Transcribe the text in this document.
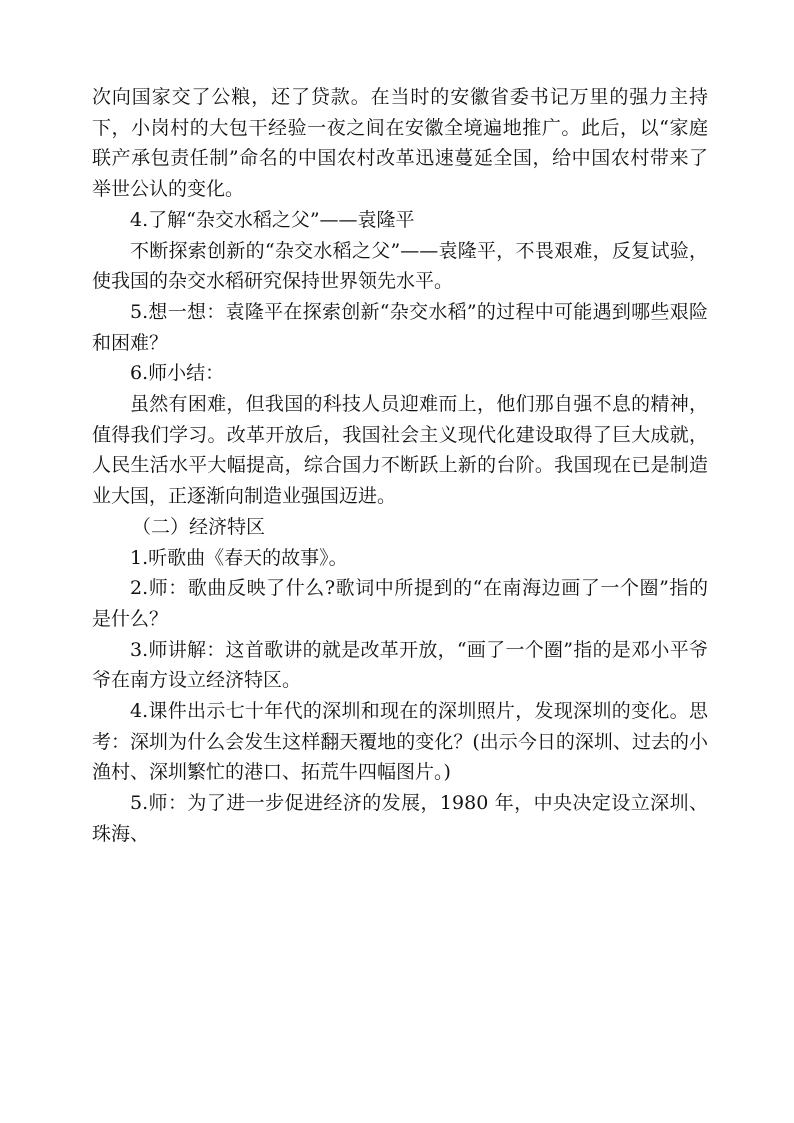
次向国家交了公粮，还了贷款。在当时的安徽省委书记万里的强力主持下，小岗村的大包干经验一夜之间在安徽全境遍地推广。此后，以“家庭联产承包责任制”命名的中国农村改革迅速蔓延全国，给中国农村带来了举世公认的变化。

4.了解“杂交水稻之父”——袁隆平

不断探索创新的“杂交水稻之父”——袁隆平，不畏艰难，反复试验，使我国的杂交水稻研究保持世界领先水平。

5.想一想：袁隆平在探索创新“杂交水稻”的过程中可能遇到哪些艰险和困难？

6.师小结：

虽然有困难，但我国的科技人员迎难而上，他们那自强不息的精神，值得我们学习。改革开放后，我国社会主义现代化建设取得了巨大成就，人民生活水平大幅提高，综合国力不断跃上新的台阶。我国现在已是制造业大国，正逐渐向制造业强国迈进。

（二）经济特区

1.听歌曲《春天的故事》。

2.师：歌曲反映了什么?歌词中所提到的“在南海边画了一个圈”指的是什么？

3.师讲解：这首歌讲的就是改革开放，“画了一个圈”指的是邓小平爷爷在南方设立经济特区。

4.课件出示七十年代的深圳和现在的深圳照片，发现深圳的变化。思考：深圳为什么会发生这样翻天覆地的变化？(出示今日的深圳、过去的小渔村、深圳繁忙的港口、拓荒牛四幅图片。)

5.师：为了进一步促进经济的发展，1980 年，中央决定设立深圳、珠海、
